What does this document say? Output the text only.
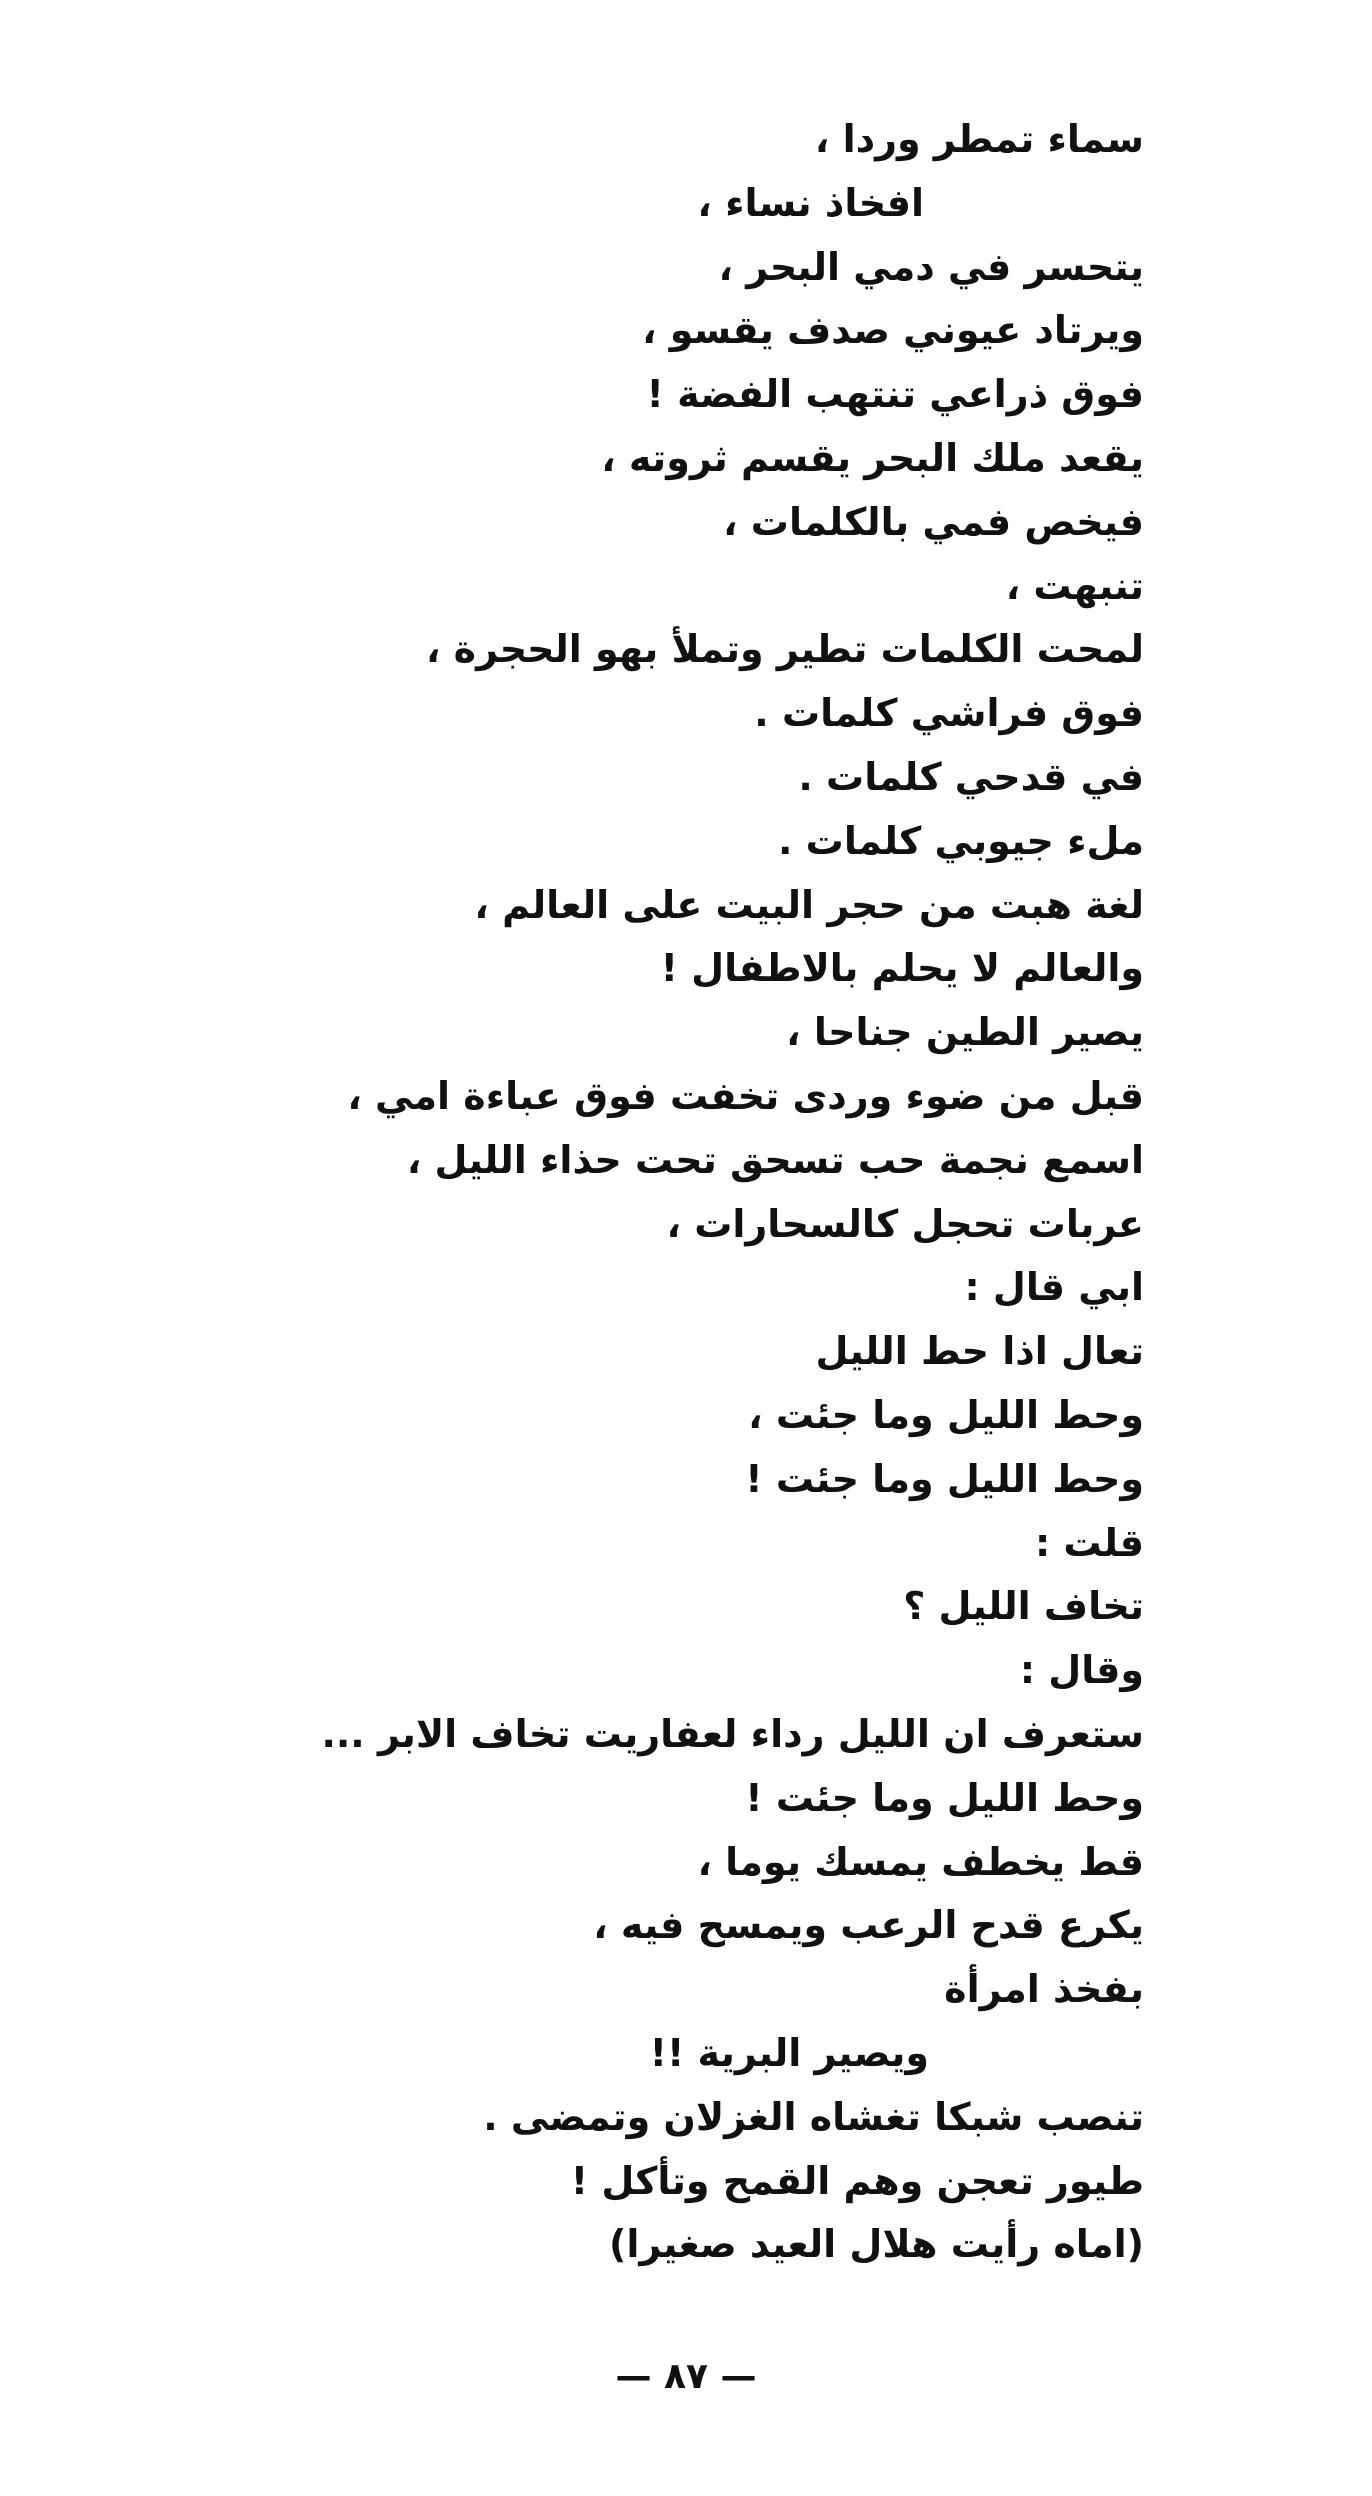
سماء تمطر وردا ،
افخاذ نساء ،
يتحسر في دمي البحر ،
ويرتاد عيوني صدف يقسو ،
فوق ذراعي تنتهب الفضة !
يقعد ملك البحر يقسم ثروته ،
فيخص فمي بالكلمات ،
تنبهت ،
لمحت الكلمات تطير وتملأ بهو الحجرة ،
فوق فراشي كلمات .
في قدحي كلمات .
ملء جيوبي كلمات .
لغة هبت من حجر البيت على العالم ،
والعالم لا يحلم بالاطفال !
يصير الطين جناحا ،
قبل من ضوء وردى تخفت فوق عباءة امي ،
اسمع نجمة حب تسحق تحت حذاء الليل ،
عربات تحجل كالسحارات ،
ابي قال :
تعال اذا حط الليل
وحط الليل وما جئت ،
وحط الليل وما جئت !
قلت :
تخاف الليل ؟
وقال :
ستعرف ان الليل رداء لعفاريت تخاف الابر ...
وحط الليل وما جئت !
قط يخطف يمسك يوما ،
يكرع قدح الرعب ويمسح فيه ،
بفخذ امرأة
ويصير البرية !!
تنصب شبكا تغشاه الغزلان وتمضى .
طيور تعجن وهم القمح وتأكل !
(اماه رأيت هلال العيد صغيرا)
— ٨٧ —
